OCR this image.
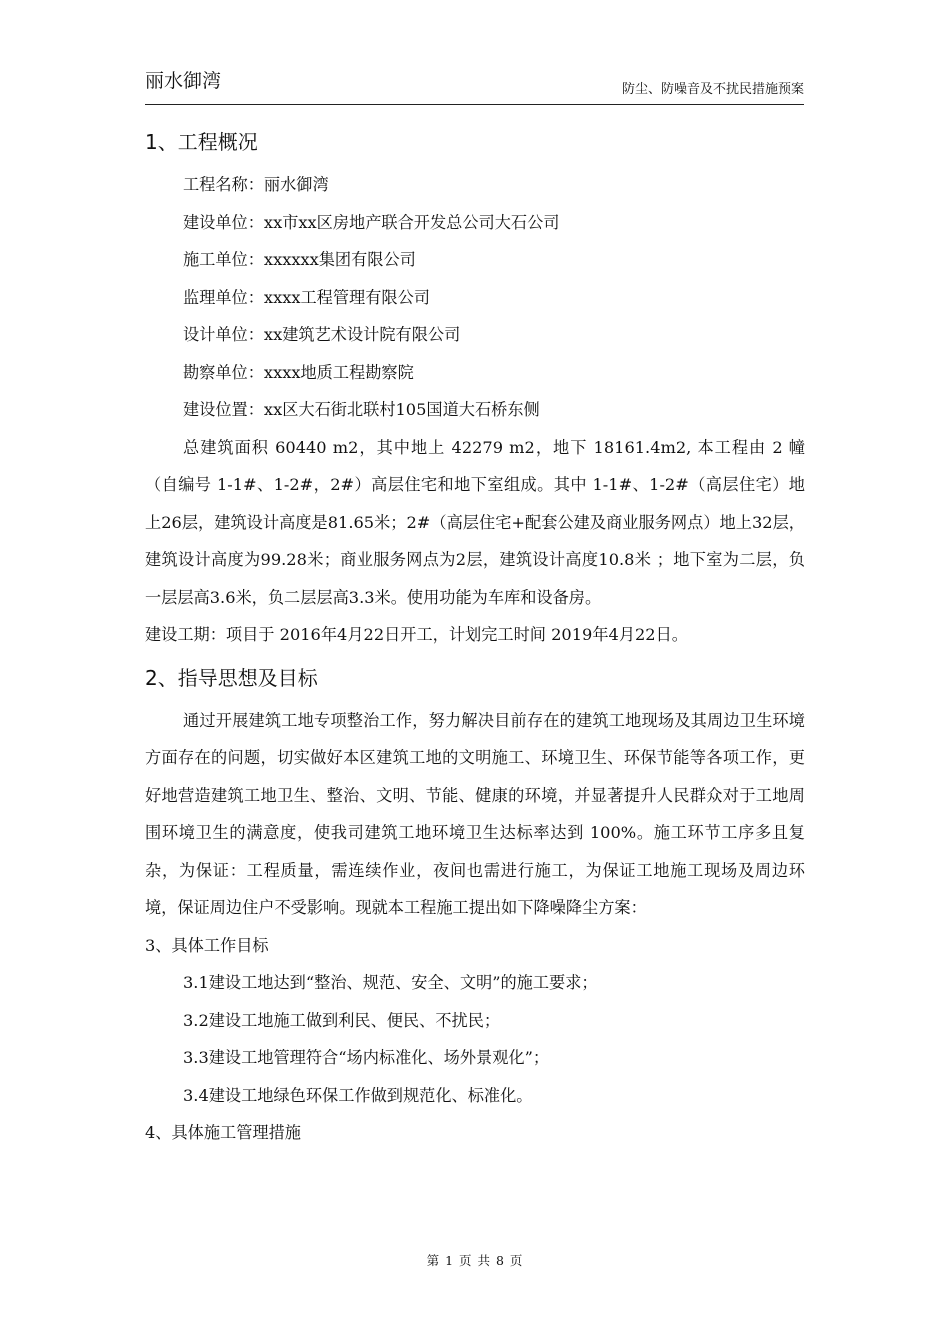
丽水御湾	防尘、防噪音及不扰民措施预案
1、工程概况

工程名称：丽水御湾

建设单位：xx市xx区房地产联合开发总公司大石公司

施工单位：xxxxxx集团有限公司

监理单位：xxxx工程管理有限公司

设计单位：xx建筑艺术设计院有限公司

勘察单位：xxxx地质工程勘察院

建设位置：xx区大石街北联村105国道大石桥东侧

总建筑面积 60440 m2，其中地上 42279 m2，地下 18161.4m2, 本工程由 2 幢（自编号 1-1#、1-2#，2#）高层住宅和地下室组成。其中 1-1#、1-2#（高层住宅）地上26层，建筑设计高度是81.65米；2#（高层住宅+配套公建及商业服务网点）地上32层，建筑设计高度为99.28米；商业服务网点为2层，建筑设计高度10.8米 ；地下室为二层，负一层层高3.6米，负二层层高3.3米。使用功能为车库和设备房。

建设工期：项目于 2016年4月22日开工，计划完工时间 2019年4月22日。

2、指导思想及目标

通过开展建筑工地专项整治工作，努力解决目前存在的建筑工地现场及其周边卫生环境方面存在的问题，切实做好本区建筑工地的文明施工、环境卫生、环保节能等各项工作，更好地营造建筑工地卫生、整治、文明、节能、健康的环境，并显著提升人民群众对于工地周围环境卫生的满意度，使我司建筑工地环境卫生达标率达到 100%。施工环节工序多且复杂，为保证：工程质量，需连续作业，夜间也需进行施工，为保证工地施工现场及周边环境，保证周边住户不受影响。现就本工程施工提出如下降噪降尘方案：

3、具体工作目标

3.1建设工地达到“整治、规范、安全、文明”的施工要求；

3.2建设工地施工做到利民、便民、不扰民；

3.3建设工地管理符合“场内标准化、场外景观化”；

3.4建设工地绿色环保工作做到规范化、标准化。

4、具体施工管理措施

第 1 页 共 8 页
